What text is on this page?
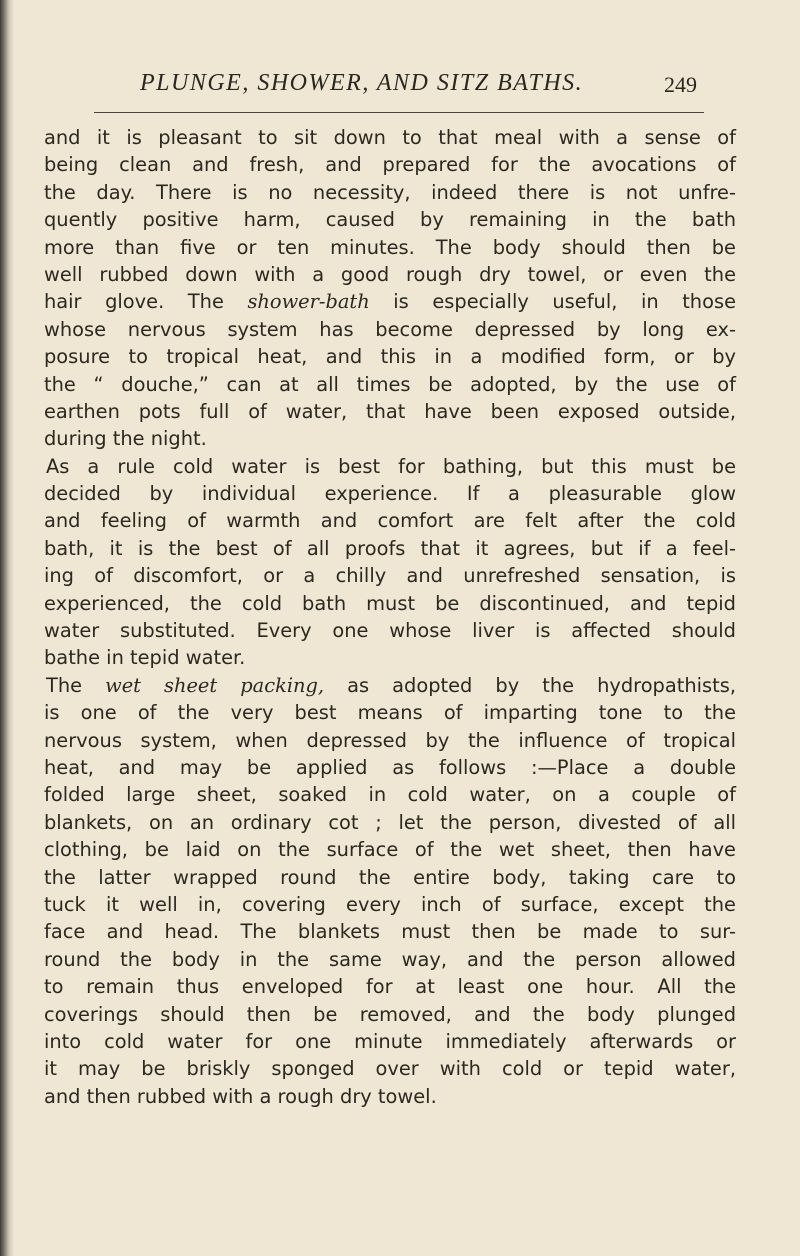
PLUNGE, SHOWER, AND SITZ BATHS.	249
and it is pleasant to sit down to that meal with a sense of
being clean and fresh, and prepared for the avocations of
the day. There is no necessity, indeed there is not unfre-
quently positive harm, caused by remaining in the bath
more than five or ten minutes. The body should then be
well rubbed down with a good rough dry towel, or even the
hair glove. The shower-bath is especially useful, in those
whose nervous system has become depressed by long ex-
posure to tropical heat, and this in a modified form, or by
the “ douche,” can at all times be adopted, by the use of
earthen pots full of water, that have been exposed outside,
during the night.
As a rule cold water is best for bathing, but this must be
decided by individual experience. If a pleasurable glow
and feeling of warmth and comfort are felt after the cold
bath, it is the best of all proofs that it agrees, but if a feel-
ing of discomfort, or a chilly and unrefreshed sensation, is
experienced, the cold bath must be discontinued, and tepid
water substituted. Every one whose liver is affected should
bathe in tepid water.
The wet sheet packing, as adopted by the hydropathists,
is one of the very best means of imparting tone to the
nervous system, when depressed by the influence of tropical
heat, and may be applied as follows :—Place a double
folded large sheet, soaked in cold water, on a couple of
blankets, on an ordinary cot ; let the person, divested of all
clothing, be laid on the surface of the wet sheet, then have
the latter wrapped round the entire body, taking care to
tuck it well in, covering every inch of surface, except the
face and head. The blankets must then be made to sur-
round the body in the same way, and the person allowed
to remain thus enveloped for at least one hour. All the
coverings should then be removed, and the body plunged
into cold water for one minute immediately afterwards or
it may be briskly sponged over with cold or tepid water,
and then rubbed with a rough dry towel.
